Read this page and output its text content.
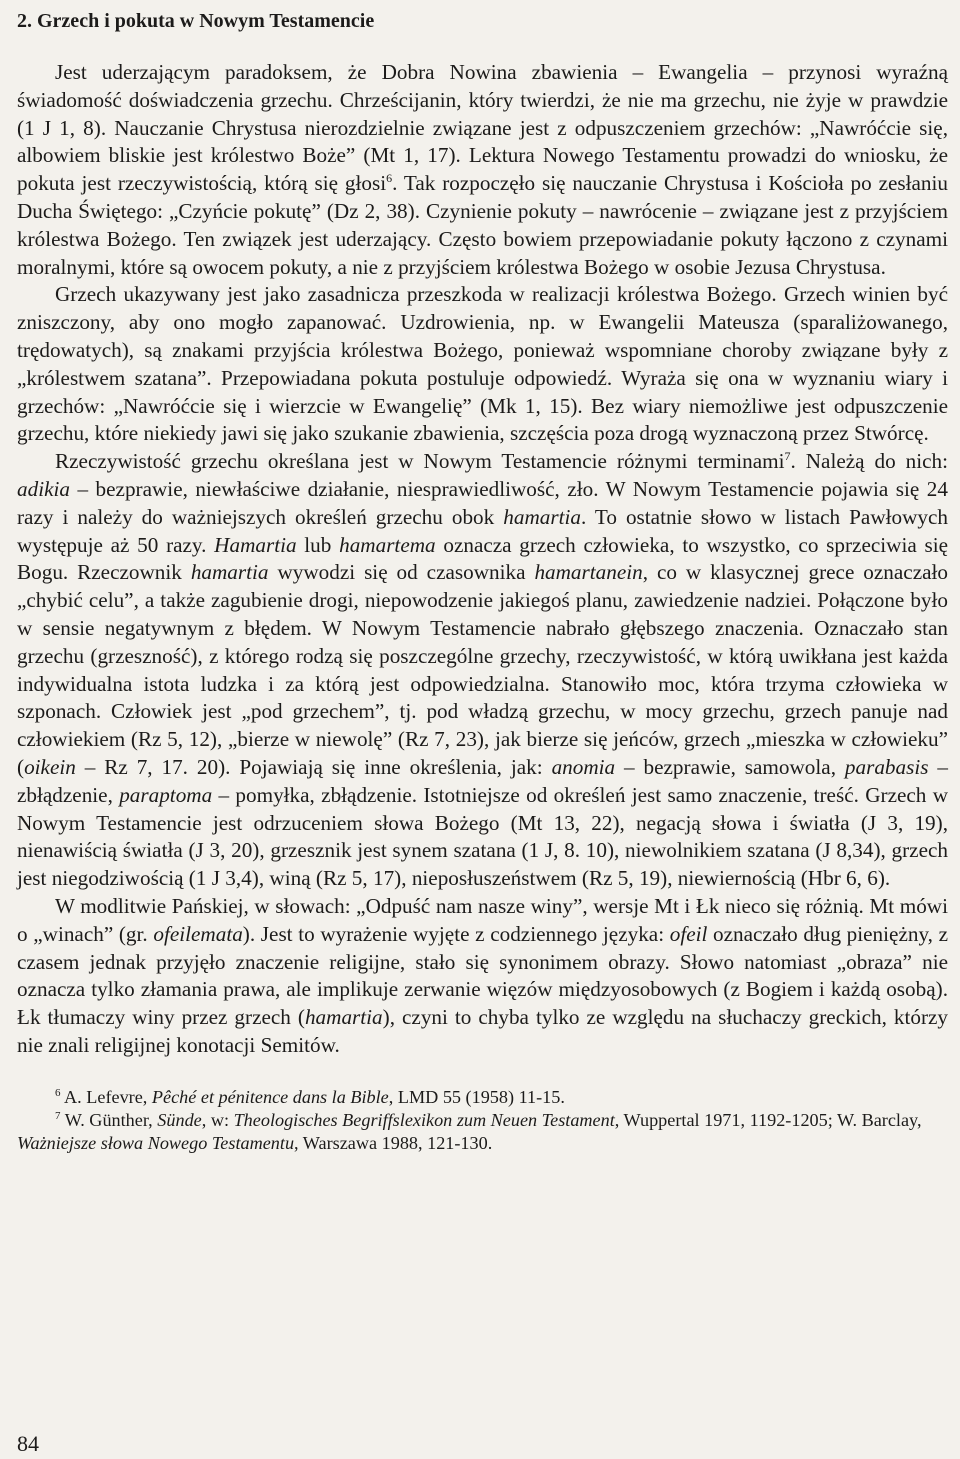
2. Grzech i pokuta w Nowym Testamencie

Jest uderzającym paradoksem, że Dobra Nowina zbawienia – Ewangelia – przynosi wyraźną świadomość doświadczenia grzechu. Chrześcijanin, który twierdzi, że nie ma grzechu, nie żyje w prawdzie (1 J 1, 8). Nauczanie Chrystusa nierozdzielnie związane jest z odpuszczeniem grzechów: „Nawróćcie się, albowiem bliskie jest królestwo Boże” (Mt 1, 17). Lektura Nowego Testamentu prowadzi do wniosku, że pokuta jest rzeczywistością, którą się głosi$^6$. Tak rozpoczęło się nauczanie Chrystusa i Kościoła po zesłaniu Ducha Świętego: „Czyńcie pokutę” (Dz 2, 38). Czynienie pokuty – nawrócenie – związane jest z przyjściem królestwa Bożego. Ten związek jest uderzający. Często bowiem przepowiadanie pokuty łączono z czynami moralnymi, które są owocem pokuty, a nie z przyjściem królestwa Bożego w osobie Jezusa Chrystusa.

Grzech ukazywany jest jako zasadnicza przeszkoda w realizacji królestwa Bożego. Grzech winien być zniszczony, aby ono mogło zapanować. Uzdrowienia, np. w Ewangelii Mateusza (sparaliżowanego, trędowatych), są znakami przyjścia królestwa Bożego, ponieważ wspomniane choroby związane były z „królestwem szatana”. Przepowiadana pokuta postuluje odpowiedź. Wyraża się ona w wyznaniu wiary i grzechów: „Nawróćcie się i wierzcie w Ewangelię” (Mk 1, 15). Bez wiary niemożliwe jest odpuszczenie grzechu, które niekiedy jawi się jako szukanie zbawienia, szczęścia poza drogą wyznaczoną przez Stwórcę.

Rzeczywistość grzechu określana jest w Nowym Testamencie różnymi terminami$^7$. Należą do nich: adikia – bezprawie, niewłaściwe działanie, niesprawiedliwość, zło. W Nowym Testamencie pojawia się 24 razy i należy do ważniejszych określeń grzechu obok hamartia. To ostatnie słowo w listach Pawłowych występuje aż 50 razy. Hamartia lub hamartema oznacza grzech człowieka, to wszystko, co sprzeciwia się Bogu. Rzeczownik hamartia wywodzi się od czasownika hamartanein, co w klasycznej grece oznaczało „chybić celu”, a także zagubienie drogi, niepowodzenie jakiegoś planu, zawiedzenie nadziei. Połączone było w sensie negatywnym z błędem. W Nowym Testamencie nabrało głębszego znaczenia. Oznaczało stan grzechu (grzeszność), z którego rodzą się poszczególne grzechy, rzeczywistość, w którą uwikłana jest każda indywidualna istota ludzka i za którą jest odpowiedzialna. Stanowiło moc, która trzyma człowieka w szponach. Człowiek jest „pod grzechem”, tj. pod władzą grzechu, w mocy grzechu, grzech panuje nad człowiekiem (Rz 5, 12), „bierze w niewolę” (Rz 7, 23), jak bierze się jeńców, grzech „mieszka w człowieku” (oikein – Rz 7, 17. 20). Pojawiają się inne określenia, jak: anomia – bezprawie, samowola, parabasis – zbłądzenie, paraptoma – pomyłka, zbłądzenie. Istotniejsze od określeń jest samo znaczenie, treść. Grzech w Nowym Testamencie jest odrzuceniem słowa Bożego (Mt 13, 22), negacją słowa i światła (J 3, 19), nienawiścią światła (J 3, 20), grzesznik jest synem szatana (1 J, 8. 10), niewolnikiem szatana (J 8,34), grzech jest niegodziwością (1 J 3,4), winą (Rz 5, 17), nieposłuszeństwem (Rz 5, 19), niewiernością (Hbr 6, 6).

W modlitwie Pańskiej, w słowach: „Odpuść nam nasze winy”, wersje Mt i Łk nieco się różnią. Mt mówi o „winach” (gr. ofeilemata). Jest to wyrażenie wyjęte z codziennego języka: ofeil oznaczało dług pieniężny, z czasem jednak przyjęło znaczenie religijne, stało się synonimem obrazy. Słowo natomiast „obraza” nie oznacza tylko złamania prawa, ale implikuje zerwanie więzów międzyosobowych (z Bogiem i każdą osobą). Łk tłumaczy winy przez grzech (hamartia), czyni to chyba tylko ze względu na słuchaczy greckich, którzy nie znali religijnej konotacji Semitów.

$^6$ A. Lefevre, Pêché et pénitence dans la Bible, LMD 55 (1958) 11-15.

$^7$ W. Günther, Sünde, w: Theologisches Begriffslexikon zum Neuen Testament, Wuppertal 1971, 1192-1205; W. Barclay, Ważniejsze słowa Nowego Testamentu, Warszawa 1988, 121-130.

84
